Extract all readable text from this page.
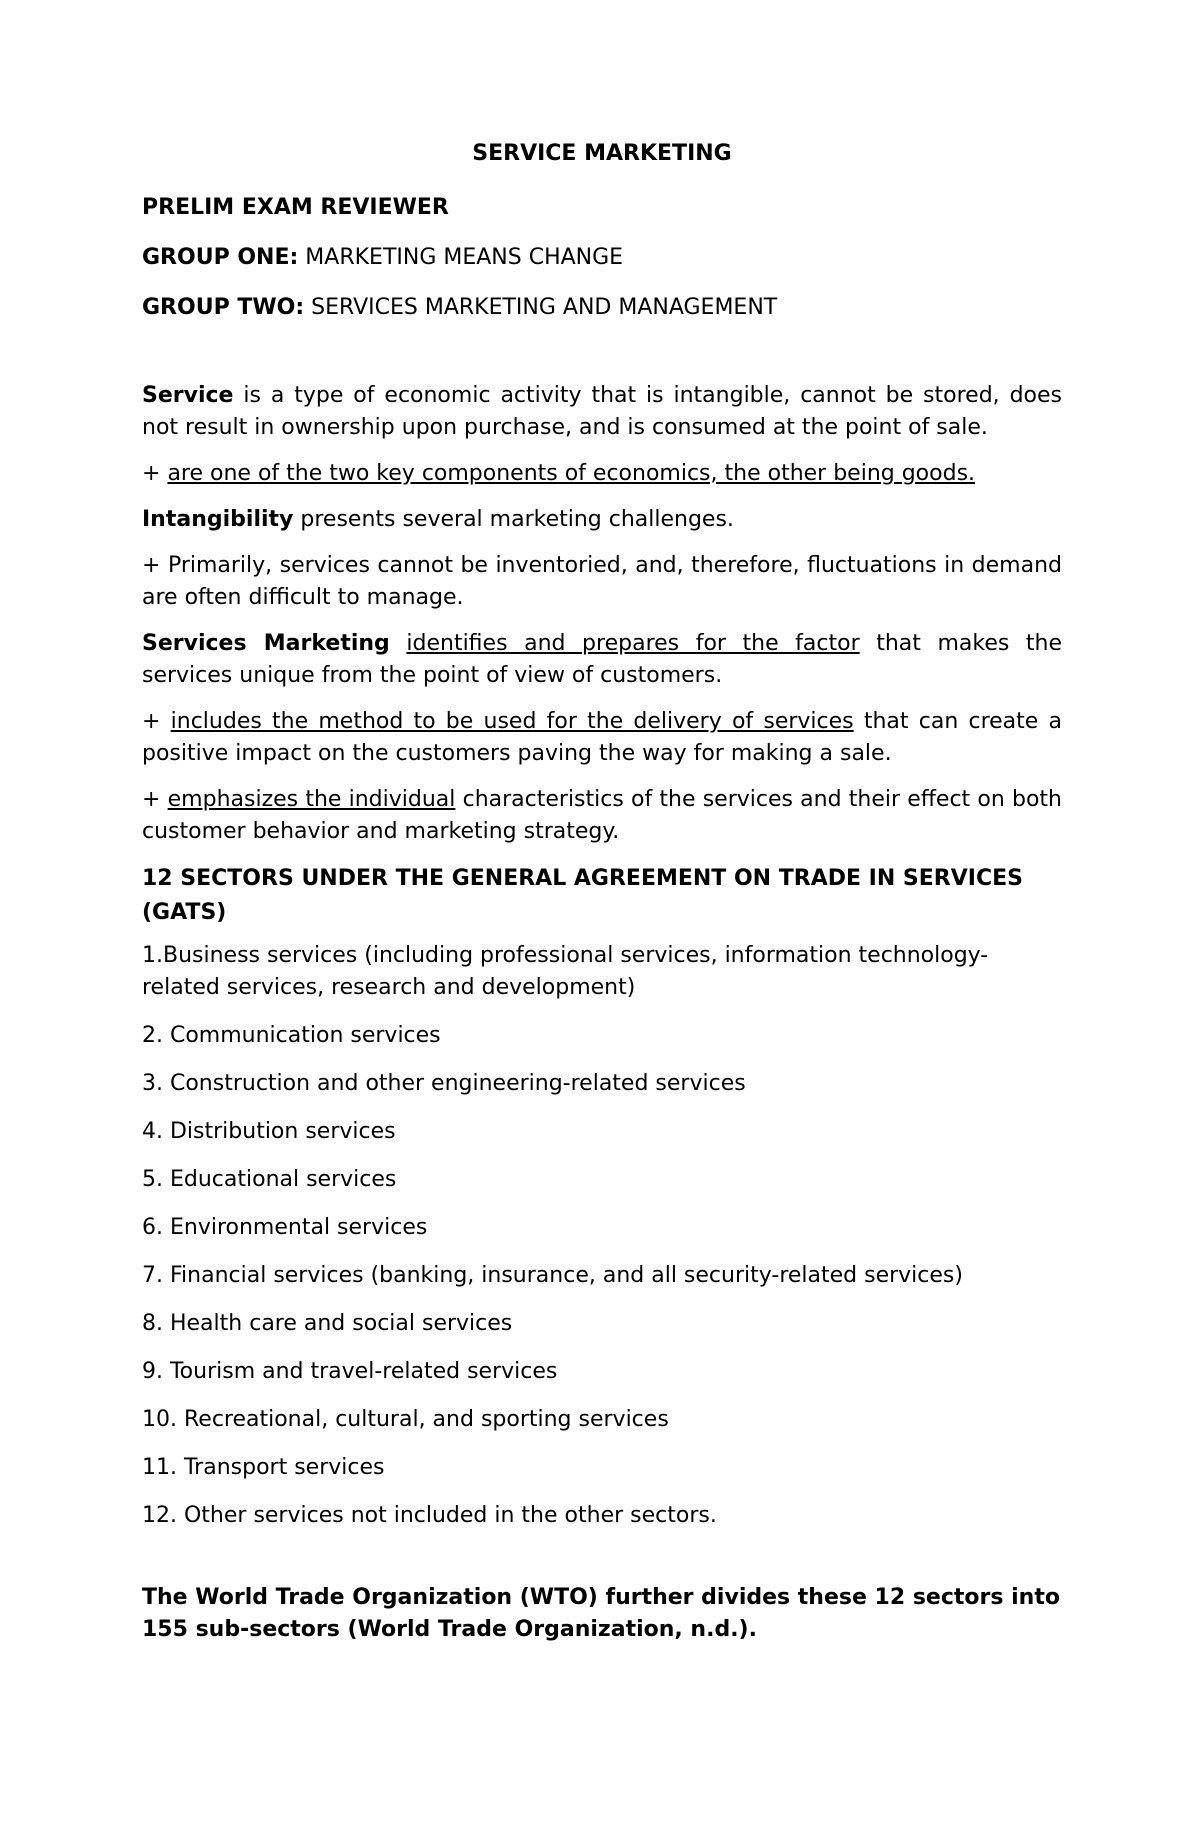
SERVICE MARKETING
PRELIM EXAM REVIEWER
GROUP ONE: MARKETING MEANS CHANGE
GROUP TWO: SERVICES MARKETING AND MANAGEMENT
Service is a type of economic activity that is intangible, cannot be stored, does not result in ownership upon purchase, and is consumed at the point of sale.
+ are one of the two key components of economics, the other being goods.
Intangibility presents several marketing challenges.
+ Primarily, services cannot be inventoried, and, therefore, fluctuations in demand are often difficult to manage.
Services Marketing identifies and prepares for the factor that makes the services unique from the point of view of customers.
+ includes the method to be used for the delivery of services that can create a positive impact on the customers paving the way for making a sale.
+ emphasizes the individual characteristics of the services and their effect on both customer behavior and marketing strategy.
12 SECTORS UNDER THE GENERAL AGREEMENT ON TRADE IN SERVICES (GATS)
1.Business services (including professional services, information technology-related services, research and development)
2. Communication services
3. Construction and other engineering-related services
4. Distribution services
5. Educational services
6. Environmental services
7. Financial services (banking, insurance, and all security-related services)
8. Health care and social services
9. Tourism and travel-related services
10. Recreational, cultural, and sporting services
11. Transport services
12. Other services not included in the other sectors.
The World Trade Organization (WTO) further divides these 12 sectors into 155 sub-sectors (World Trade Organization, n.d.).
